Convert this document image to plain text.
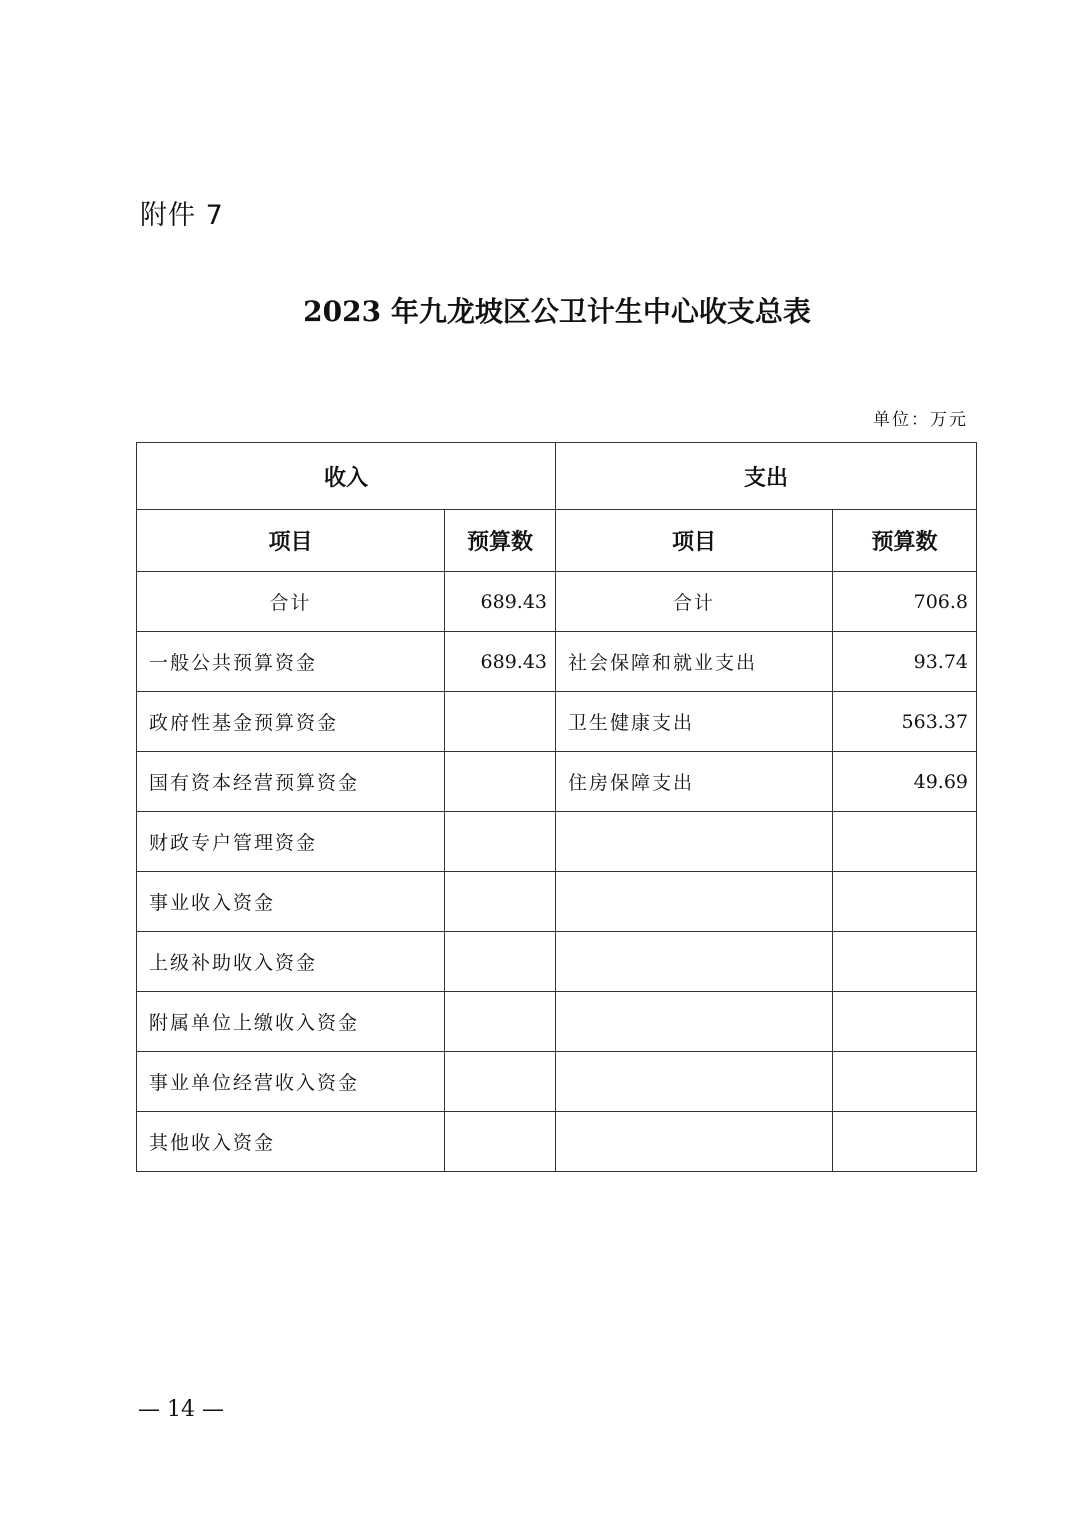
附件 7
2023 年九龙坡区公卫计生中心收支总表
单位：万元
收入		支出	
项目	预算数	项目	预算数
合计	689.43	合计	706.8
一般公共预算资金	689.43	社会保障和就业支出	93.74
政府性基金预算资金		卫生健康支出	563.37
国有资本经营预算资金		住房保障支出	49.69
财政专户管理资金			
事业收入资金			
上级补助收入资金			
附属单位上缴收入资金			
事业单位经营收入资金			
其他收入资金			
— 14 —
